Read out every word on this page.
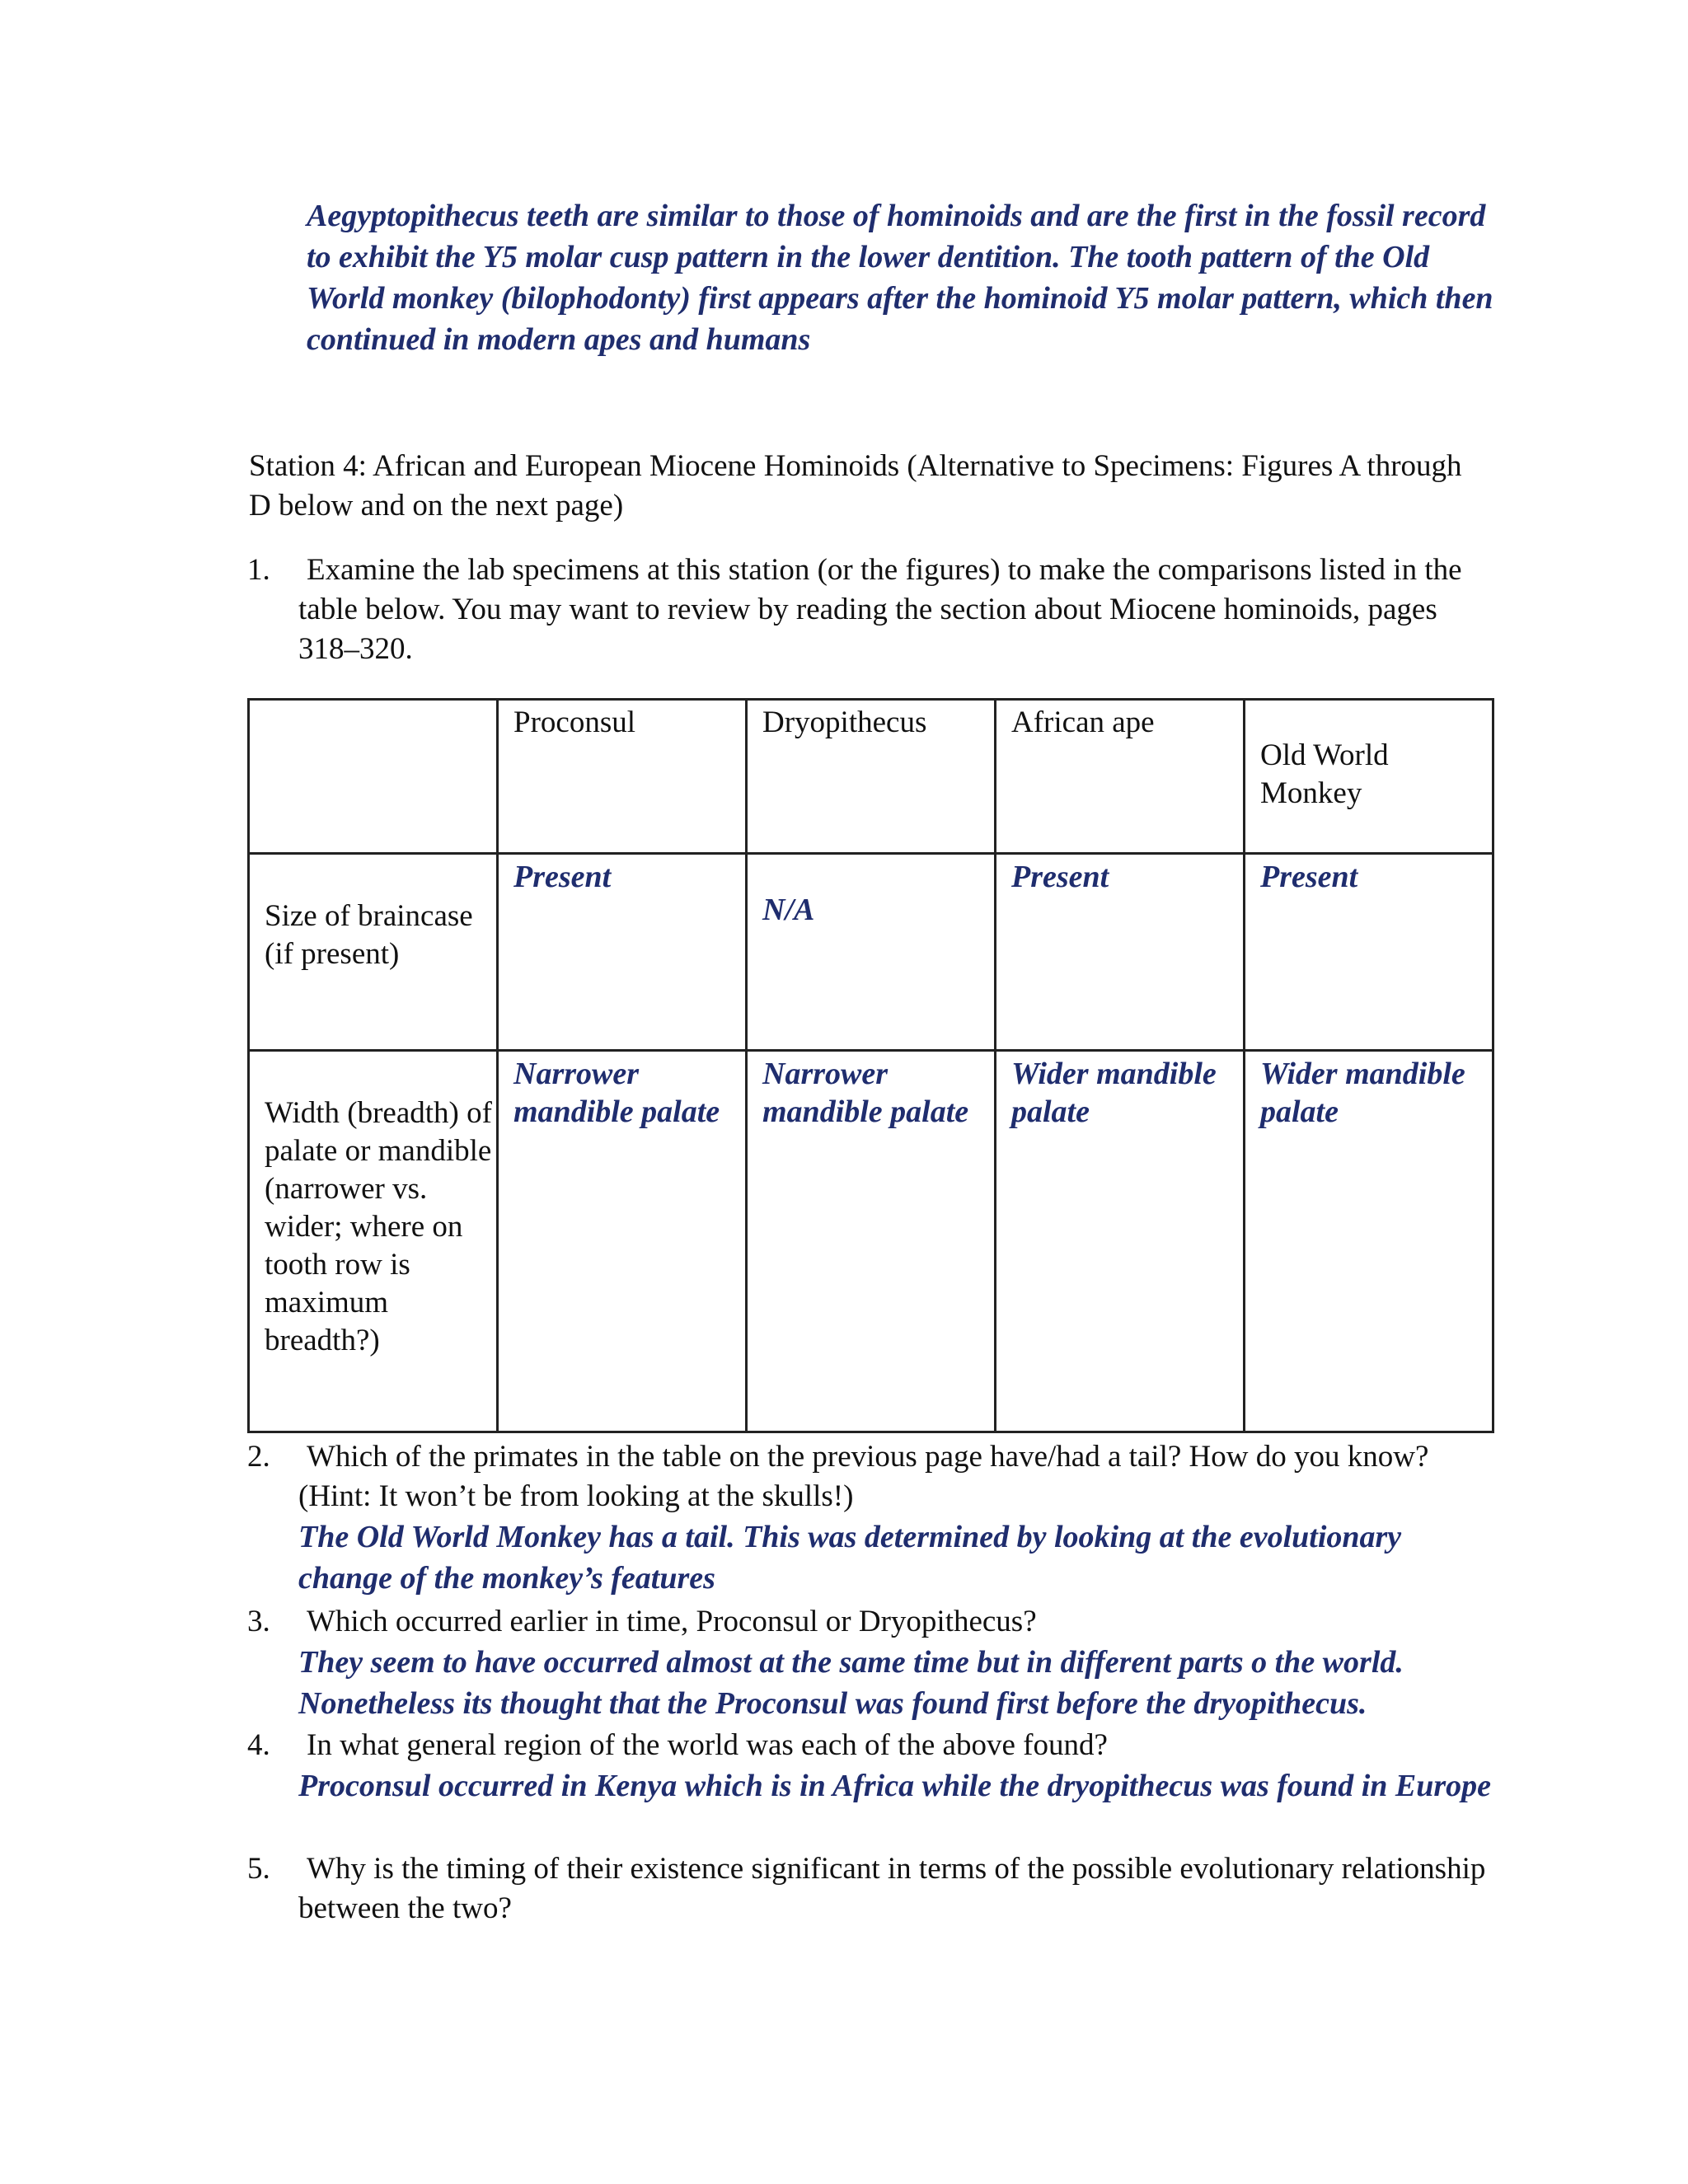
Aegyptopithecus teeth are similar to those of hominoids and are the first in the fossil record to exhibit the Y5 molar cusp pattern in the lower dentition. The tooth pattern of the Old World monkey (bilophodonty) first appears after the hominoid Y5 molar pattern, which then continued in modern apes and humans
Station 4: African and European Miocene Hominoids (Alternative to Specimens: Figures A through D below and on the next page)
1.	Examine the lab specimens at this station (or the figures) to make the comparisons listed in the table below. You may want to review by reading the section about Miocene hominoids, pages 318–320.
	Proconsul	Dryopithecus	African ape	Old World Monkey
Size of braincase (if present)	Present	N/A	Present	Present
Width (breadth) of palate or mandible (narrower vs. wider; where on tooth row is maximum breadth?)	Narrower mandible palate	Narrower mandible palate	Wider mandible palate	Wider mandible palate
2.	Which of the primates in the table on the previous page have/had a tail? How do you know? (Hint: It won’t be from looking at the skulls!)
The Old World Monkey has a tail. This was determined by looking at the evolutionary change of the monkey’s features
3.	Which occurred earlier in time, Proconsul or Dryopithecus?
They seem to have occurred almost at the same time but in different parts o the world. Nonetheless its thought that the Proconsul was found first before the dryopithecus.
4.	In what general region of the world was each of the above found?
Proconsul occurred in Kenya which is in Africa while the dryopithecus was found in Europe
5.	Why is the timing of their existence significant in terms of the possible evolutionary relationship between the two?
